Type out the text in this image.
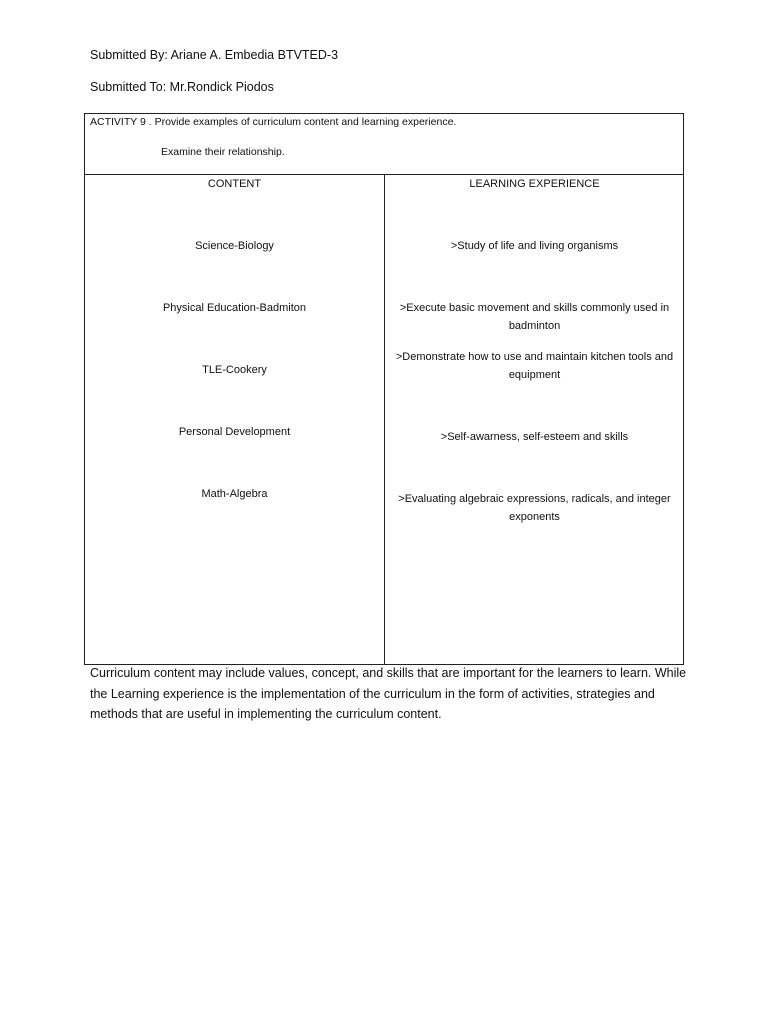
Submitted By: Ariane A. Embedia BTVTED-3
Submitted To: Mr.Rondick Piodos
ACTIVITY 9 . Provide examples of curriculum content and learning experience.
Examine their relationship.
CONTENT
Science-Biology
Physical Education-Badmiton
TLE-Cookery
Personal Development
Math-Algebra
LEARNING EXPERIENCE
>Study of life and living organisms
>Execute basic movement and skills commonly used in badminton
>Demonstrate how to use and maintain kitchen tools and equipment
>Self-awarness, self-esteem and skills
>Evaluating algebraic expressions, radicals, and integer exponents
Curriculum content may include values, concept, and skills that are important for the learners to learn. While the Learning experience is the implementation of the curriculum in the form of activities, strategies and methods that are useful in implementing the curriculum content.
